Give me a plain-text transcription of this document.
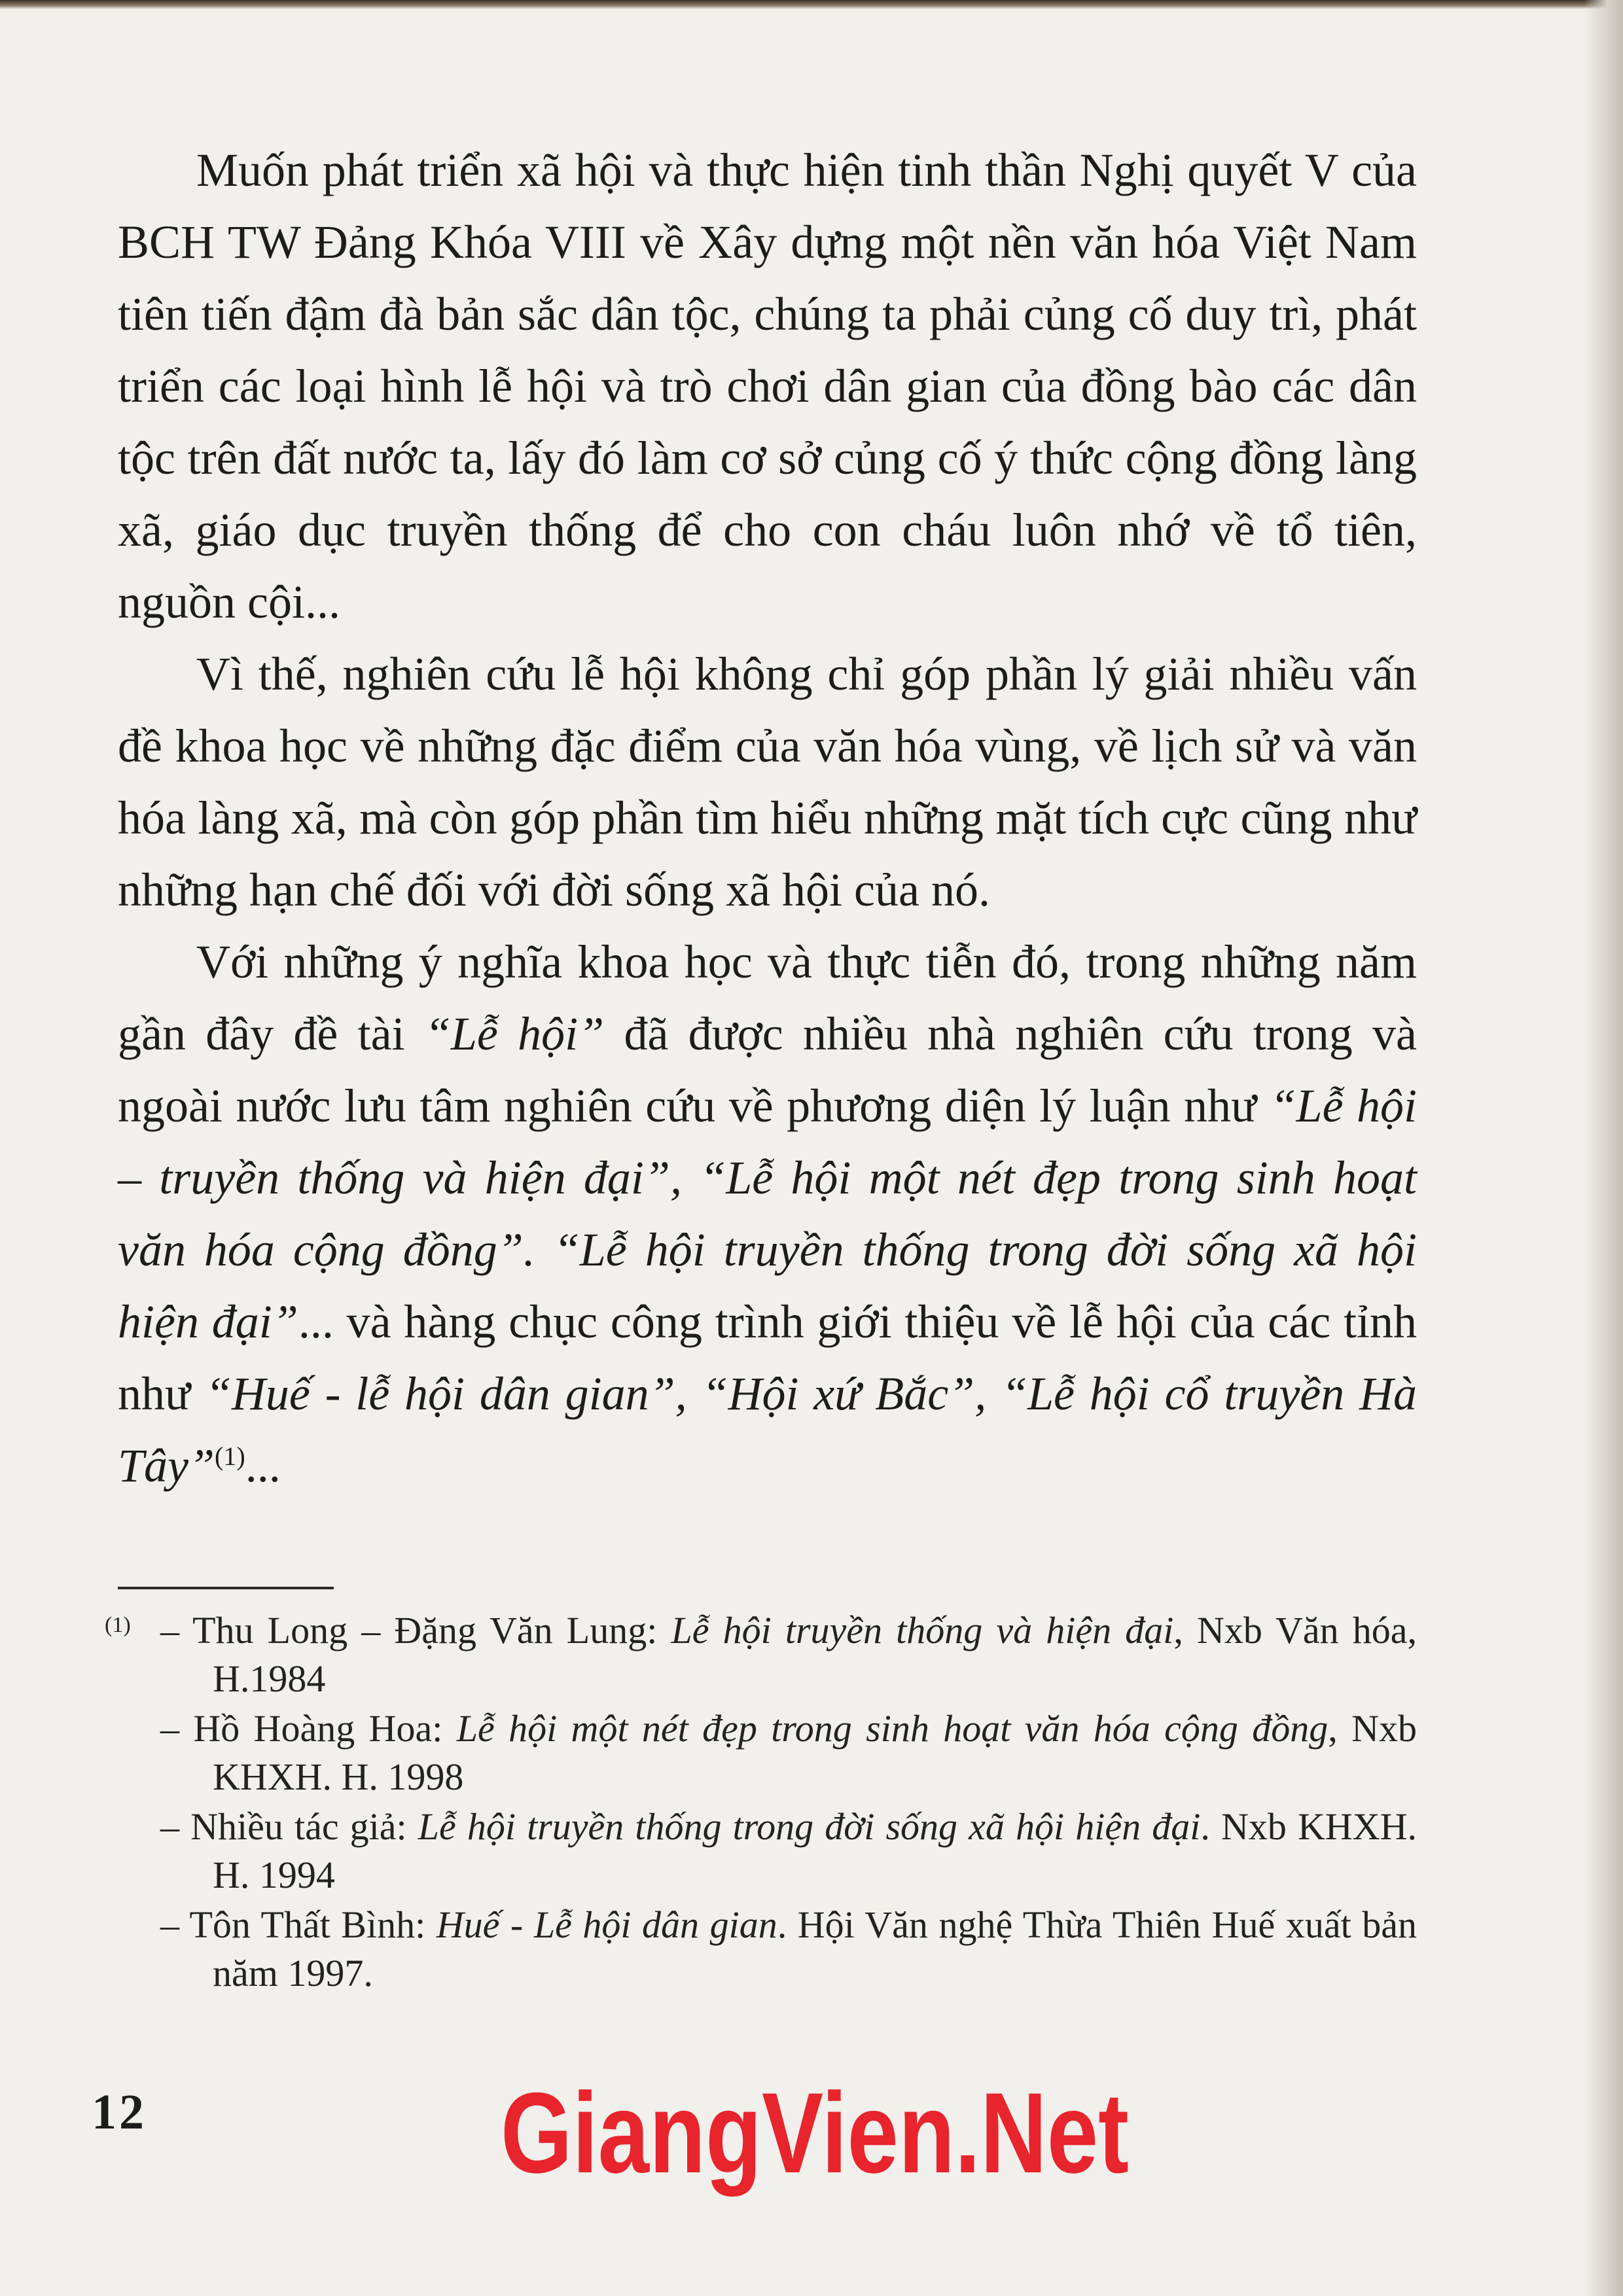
Muốn phát triển xã hội và thực hiện tinh thần Nghị quyết V của BCH TW Đảng Khóa VIII về Xây dựng một nền văn hóa Việt Nam tiên tiến đậm đà bản sắc dân tộc, chúng ta phải củng cố duy trì, phát triển các loại hình lễ hội và trò chơi dân gian của đồng bào các dân tộc trên đất nước ta, lấy đó làm cơ sở củng cố ý thức cộng đồng làng xã, giáo dục truyền thống để cho con cháu luôn nhớ về tổ tiên, nguồn cội...

Vì thế, nghiên cứu lễ hội không chỉ góp phần lý giải nhiều vấn đề khoa học về những đặc điểm của văn hóa vùng, về lịch sử và văn hóa làng xã, mà còn góp phần tìm hiểu những mặt tích cực cũng như những hạn chế đối với đời sống xã hội của nó.

Với những ý nghĩa khoa học và thực tiễn đó, trong những năm gần đây đề tài “Lễ hội” đã được nhiều nhà nghiên cứu trong và ngoài nước lưu tâm nghiên cứu về phương diện lý luận như “Lễ hội – truyền thống và hiện đại”, “Lễ hội một nét đẹp trong sinh hoạt văn hóa cộng đồng”. “Lễ hội truyền thống trong đời sống xã hội hiện đại”... và hàng chục công trình giới thiệu về lễ hội của các tỉnh như “Huế - lễ hội dân gian”, “Hội xứ Bắc”, “Lễ hội cổ truyền Hà Tây”$^{(1)}$...

(1) – Thu Long – Đặng Văn Lung: Lễ hội truyền thống và hiện đại, Nxb Văn hóa, H.1984

– Hồ Hoàng Hoa: Lễ hội một nét đẹp trong sinh hoạt văn hóa cộng đồng, Nxb KHXH. H. 1998

– Nhiều tác giả: Lễ hội truyền thống trong đời sống xã hội hiện đại. Nxb KHXH. H. 1994

– Tôn Thất Bình: Huế - Lễ hội dân gian. Hội Văn nghệ Thừa Thiên Huế xuất bản năm 1997.

12	GiangVien.Net
